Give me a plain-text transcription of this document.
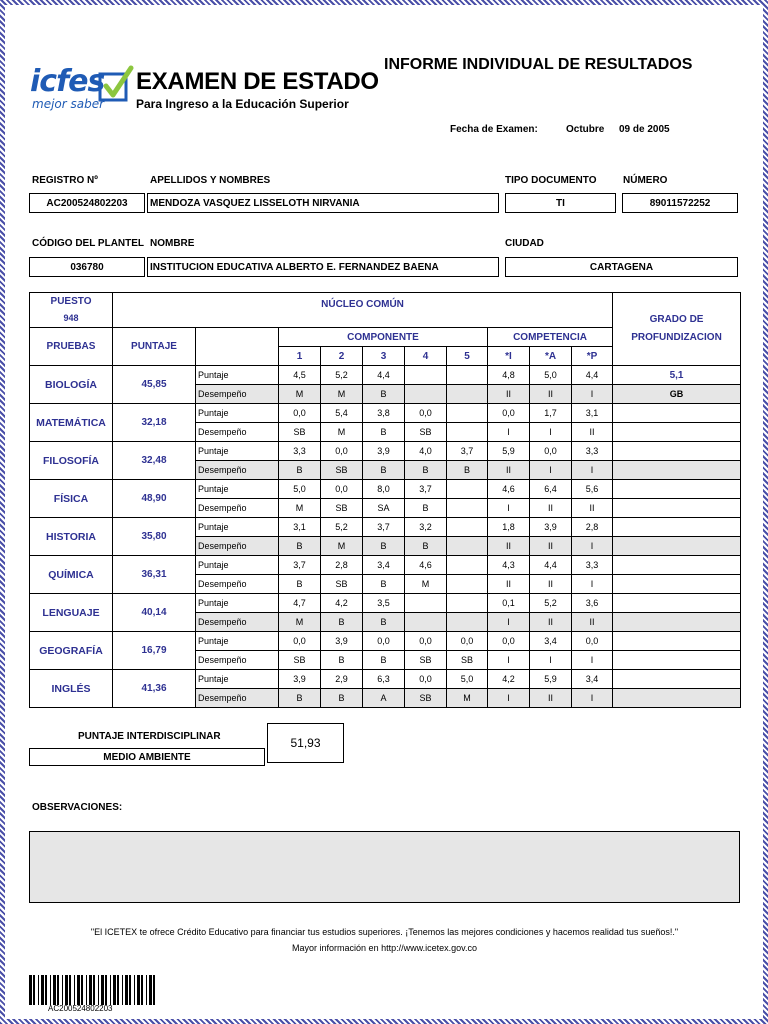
icfes
mejor saber
EXAMEN DE ESTADO
Para Ingreso a la Educación Superior
INFORME INDIVIDUAL DE RESULTADOS
Fecha de Examen:	Octubre 09 de 2005
REGISTRO Nº	APELLIDOS Y NOMBRES	TIPO DOCUMENTO	NÚMERO
AC200524802203	MENDOZA VASQUEZ LISSELOTH NIRVANIA	TI	89011572252
CÓDIGO DEL PLANTEL NOMBRE	CIUDAD
036780	INSTITUCION EDUCATIVA ALBERTO E. FERNANDEZ BAENA	CARTAGENA
PUESTO
948	NÚCLEO COMÚN										GRADO DE PROFUNDIZACION
PRUEBAS	PUNTAJE		COMPONENTE					COMPETENCIA			
			1	2	3	4	5	*I	*A	*P	
BIOLOGÍA	45,85	Puntaje	4,5	5,2	4,4			4,8	5,0	4,4	5,1
		Desempeño	M	M	B			II	II	I	GB
MATEMÁTICA	32,18	Puntaje	0,0	5,4	3,8	0,0		0,0	1,7	3,1	
		Desempeño	SB	M	B	SB		I	I	II	
FILOSOFÍA	32,48	Puntaje	3,3	0,0	3,9	4,0	3,7	5,9	0,0	3,3	
		Desempeño	B	SB	B	B	B	II	I	I	
FÍSICA	48,90	Puntaje	5,0	0,0	8,0	3,7		4,6	6,4	5,6	
		Desempeño	M	SB	SA	B		I	II	II	
HISTORIA	35,80	Puntaje	3,1	5,2	3,7	3,2		1,8	3,9	2,8	
		Desempeño	B	M	B	B		II	II	I	
QUÍMICA	36,31	Puntaje	3,7	2,8	3,4	4,6		4,3	4,4	3,3	
		Desempeño	B	SB	B	M		II	II	I	
LENGUAJE	40,14	Puntaje	4,7	4,2	3,5			0,1	5,2	3,6	
		Desempeño	M	B	B			I	II	II	
GEOGRAFÍA	16,79	Puntaje	0,0	3,9	0,0	0,0	0,0	0,0	3,4	0,0	
		Desempeño	SB	B	B	SB	SB	I	I	I	
INGLÉS	41,36	Puntaje	3,9	2,9	6,3	0,0	5,0	4,2	5,9	3,4	
		Desempeño	B	B	A	SB	M	I	II	I	
PUNTAJE INTERDISCIPLINAR
MEDIO AMBIENTE
51,93
OBSERVACIONES:
"El ICETEX te ofrece Crédito Educativo para financiar tus estudios superiores. ¡Tenemos las mejores condiciones y hacemos realidad tus sueños!."
Mayor información en http://www.icetex.gov.co
AC200524802203
